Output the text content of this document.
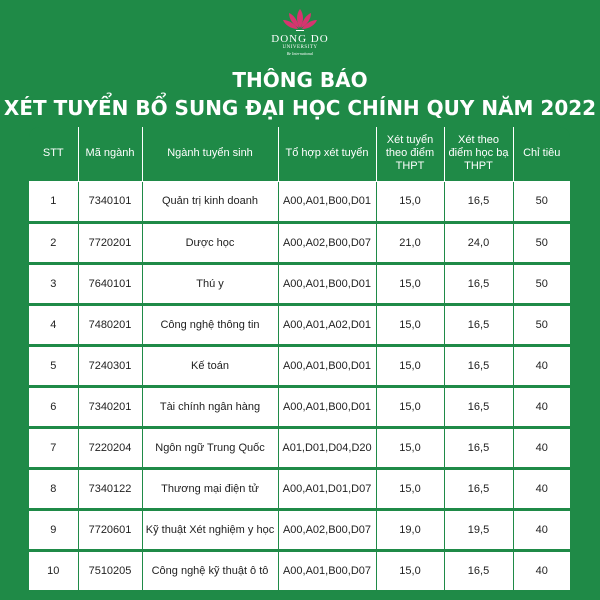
DONG DO
UNIVERSITY
Be International
THÔNG BÁO
XÉT TUYỂN BỔ SUNG ĐẠI HỌC CHÍNH QUY NĂM 2022
STT	Mã ngành	Ngành tuyển sinh	Tổ hợp xét tuyển	Xét tuyển theo điểm THPT	Xét theo điểm học bạ THPT	Chỉ tiêu
1	7340101	Quản trị kinh doanh	A00,A01,B00,D01	15,0	16,5	50
2	7720201	Dược học	A00,A02,B00,D07	21,0	24,0	50
3	7640101	Thú y	A00,A01,B00,D01	15,0	16,5	50
4	7480201	Công nghệ thông tin	A00,A01,A02,D01	15,0	16,5	50
5	7240301	Kế toán	A00,A01,B00,D01	15,0	16,5	40
6	7340201	Tài chính ngân hàng	A00,A01,B00,D01	15,0	16,5	40
7	7220204	Ngôn ngữ Trung Quốc	A01,D01,D04,D20	15,0	16,5	40
8	7340122	Thương mại điện tử	A00,A01,D01,D07	15,0	16,5	40
9	7720601	Kỹ thuật Xét nghiệm y học	A00,A02,B00,D07	19,0	19,5	40
10	7510205	Công nghệ kỹ thuật ô tô	A00,A01,B00,D07	15,0	16,5	40
